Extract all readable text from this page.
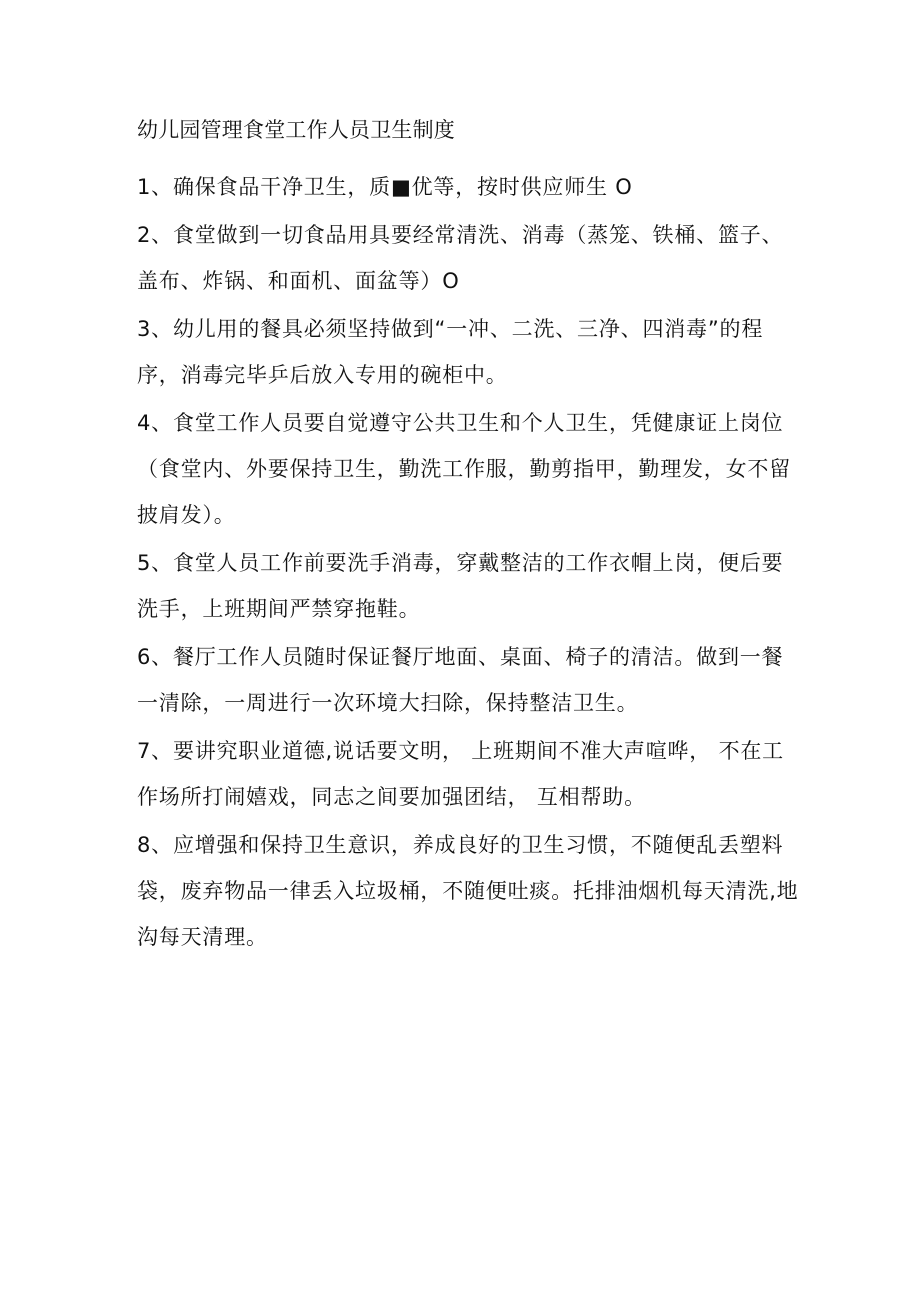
幼儿园管理食堂工作人员卫生制度

1、确保食品干净卫生，质■优等，按时供应师生 O

2、食堂做到一切食品用具要经常清洗、消毒（蒸笼、铁桶、篮子、
盖布、炸锅、和面机、面盆等）O

3、幼儿用的餐具必须坚持做到“一冲、二洗、三净、四消毒”的程
序，消毒完毕乒后放入专用的碗柜中。

4、食堂工作人员要自觉遵守公共卫生和个人卫生，凭健康证上岗位
（食堂内、外要保持卫生，勤洗工作服，勤剪指甲，勤理发，女不留
披肩发）。

5、食堂人员工作前要洗手消毒，穿戴整洁的工作衣帽上岗，便后要
洗手，上班期间严禁穿拖鞋。

6、餐厅工作人员随时保证餐厅地面、桌面、椅子的清洁。做到一餐
一清除，一周进行一次环境大扫除，保持整洁卫生。

7、要讲究职业道德,说话要文明， 上班期间不准大声喧哗， 不在工
作场所打闹嬉戏，同志之间要加强团结， 互相帮助。

8、应增强和保持卫生意识，养成良好的卫生习惯，不随便乱丢塑料
袋，废弃物品一律丢入垃圾桶，不随便吐痰。托排油烟机每天清洗,地
沟每天清理。
